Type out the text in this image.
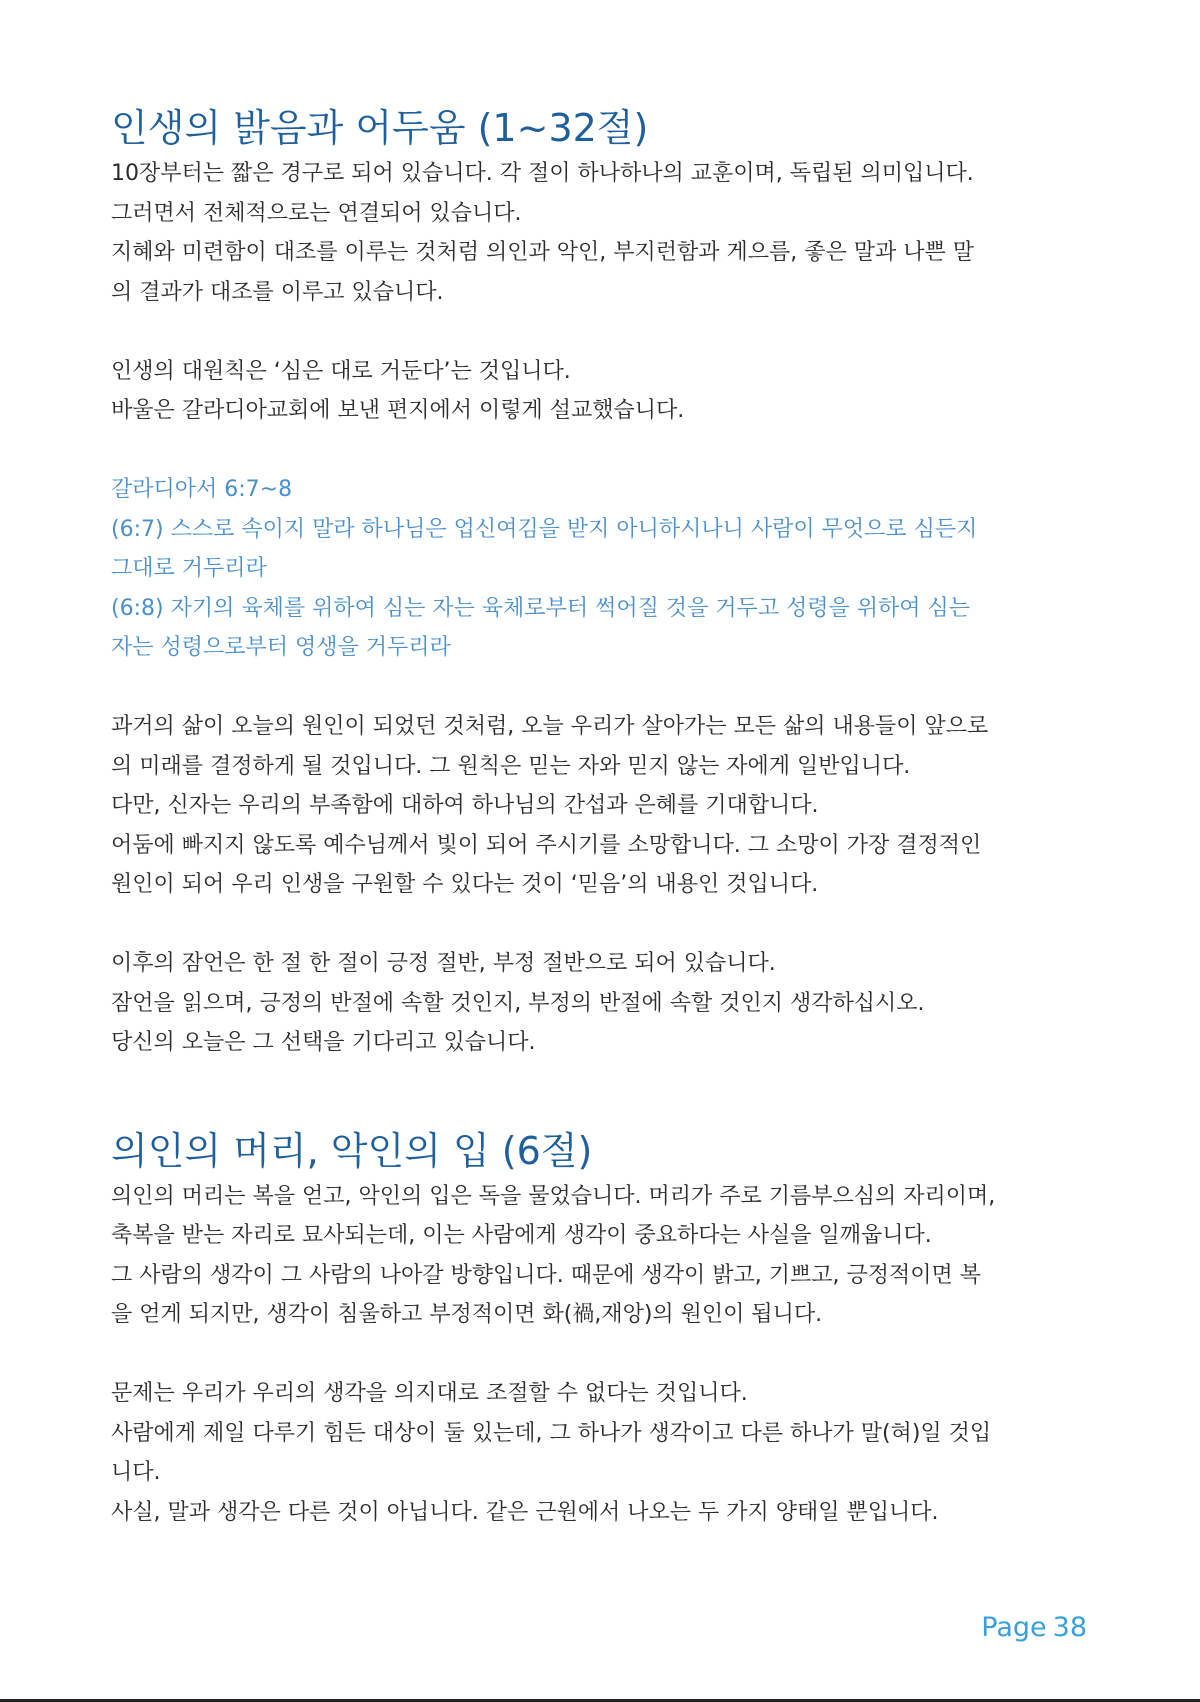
인생의 밝음과 어두움 (1~32절)
10장부터는 짧은 경구로 되어 있습니다. 각 절이 하나하나의 교훈이며, 독립된 의미입니다.
그러면서 전체적으로는 연결되어 있습니다.
지혜와 미련함이 대조를 이루는 것처럼 의인과 악인, 부지런함과 게으름, 좋은 말과 나쁜 말
의 결과가 대조를 이루고 있습니다.
인생의 대원칙은 ‘심은 대로 거둔다’는 것입니다.
바울은 갈라디아교회에 보낸 편지에서 이렇게 설교했습니다.
갈라디아서 6:7~8
(6:7) 스스로 속이지 말라 하나님은 업신여김을 받지 아니하시나니 사람이 무엇으로 심든지
그대로 거두리라
(6:8) 자기의 육체를 위하여 심는 자는 육체로부터 썩어질 것을 거두고 성령을 위하여 심는
자는 성령으로부터 영생을 거두리라
과거의 삶이 오늘의 원인이 되었던 것처럼, 오늘 우리가 살아가는 모든 삶의 내용들이 앞으로
의 미래를 결정하게 될 것입니다. 그 원칙은 믿는 자와 믿지 않는 자에게 일반입니다.
다만, 신자는 우리의 부족함에 대하여 하나님의 간섭과 은혜를 기대합니다.
어둠에 빠지지 않도록 예수님께서 빛이 되어 주시기를 소망합니다. 그 소망이 가장 결정적인
원인이 되어 우리 인생을 구원할 수 있다는 것이 ‘믿음’의 내용인 것입니다.
이후의 잠언은 한 절 한 절이 긍정 절반, 부정 절반으로 되어 있습니다.
잠언을 읽으며, 긍정의 반절에 속할 것인지, 부정의 반절에 속할 것인지 생각하십시오.
당신의 오늘은 그 선택을 기다리고 있습니다.
의인의 머리, 악인의 입 (6절)
의인의 머리는 복을 얻고, 악인의 입은 독을 물었습니다. 머리가 주로 기름부으심의 자리이며,
축복을 받는 자리로 묘사되는데, 이는 사람에게 생각이 중요하다는 사실을 일깨웁니다.
그 사람의 생각이 그 사람의 나아갈 방향입니다. 때문에 생각이 밝고, 기쁘고, 긍정적이면 복
을 얻게 되지만, 생각이 침울하고 부정적이면 화(禍,재앙)의 원인이 됩니다.
문제는 우리가 우리의 생각을 의지대로 조절할 수 없다는 것입니다.
사람에게 제일 다루기 힘든 대상이 둘 있는데, 그 하나가 생각이고 다른 하나가 말(혀)일 것입
니다.
사실, 말과 생각은 다른 것이 아닙니다. 같은 근원에서 나오는 두 가지 양태일 뿐입니다.
Page 38
